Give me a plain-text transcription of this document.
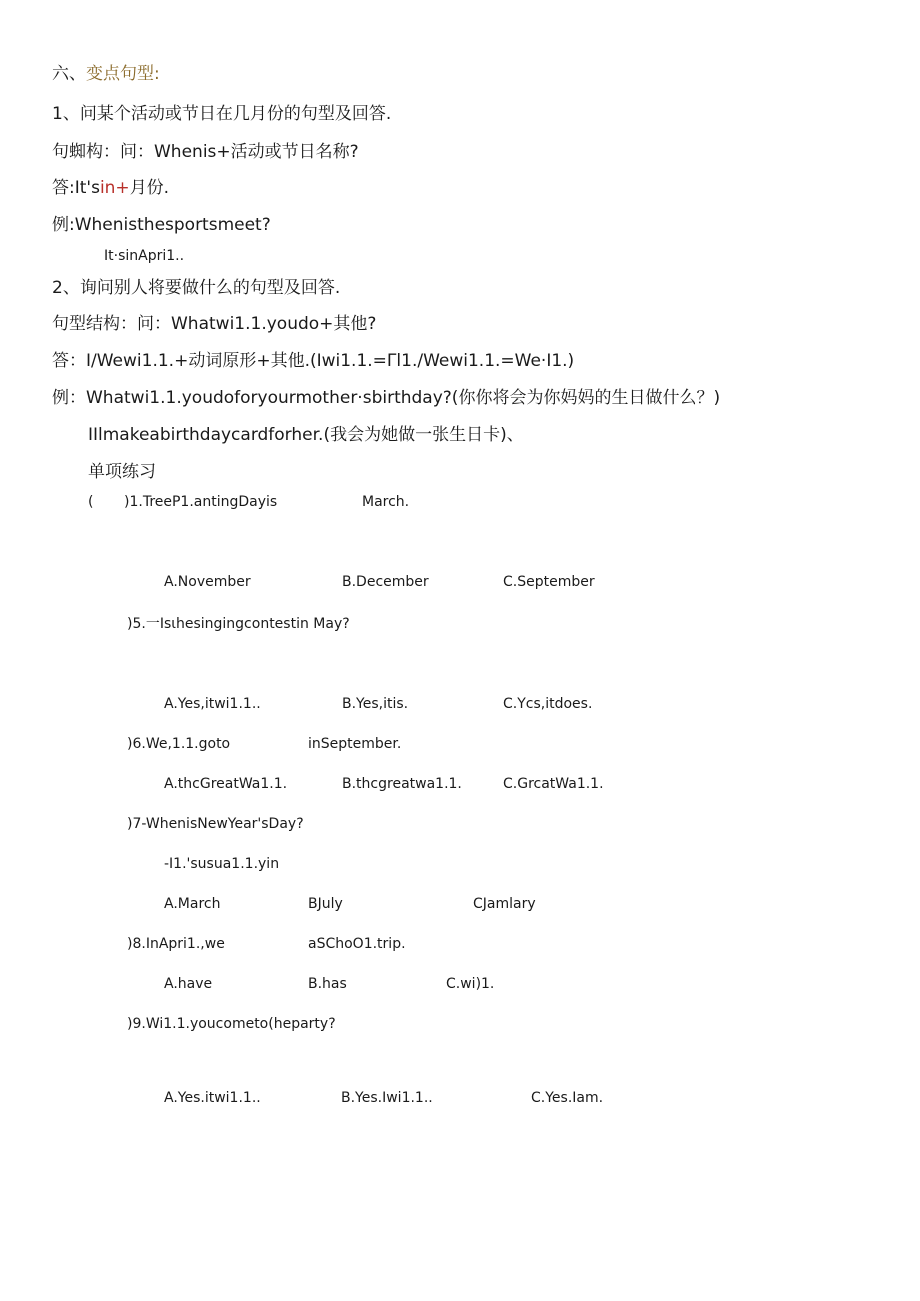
六、变点句型:
1、问某个活动或节日在几月份的句型及回答.
句蜘构：问：Whenis+活动或节日名称?
答:It'sin+月份.
例:Whenisthesportsmeet?
It·sinApri1..
2、询问别人将要做什么的句型及回答.
句型结构：问：Whatwi1.1.youdo+其他?
答：I/Wewi1.1.+动词原形+其他.(Iwi1.1.=Γl1./Wewi1.1.=We·I1.)
例：Whatwi1.1.youdoforyourmother·sbirthday?(你你将会为你妈妈的生日做什么？)
IIlmakeabirthdaycardforher.(我会为她做一张生日卡)、
单项练习
( )1.TreeP1.antingDayis	March.
A.November	B.December	C.September
)5.一Isιhesingingcontestin May?
A.Yes,itwi1.1..	B.Yes,itis.	C.Ycs,itdoes.
)6.We,1.1.goto	inSeptember.
A.thcGreatWa1.1.	B.thcgreatwa1.1.	C.GrcatWa1.1.
)7-WhenisNewYear'sDay?
-I1.'susua1.1.yin
A.March	BJuly	CJamlary
)8.InApri1.,we	aSChoO1.trip.
A.have	B.has	C.wi)1.
)9.Wi1.1.youcometo(heparty?
A.Yes.itwi1.1..	B.Yes.Iwi1.1..	C.Yes.Iam.
